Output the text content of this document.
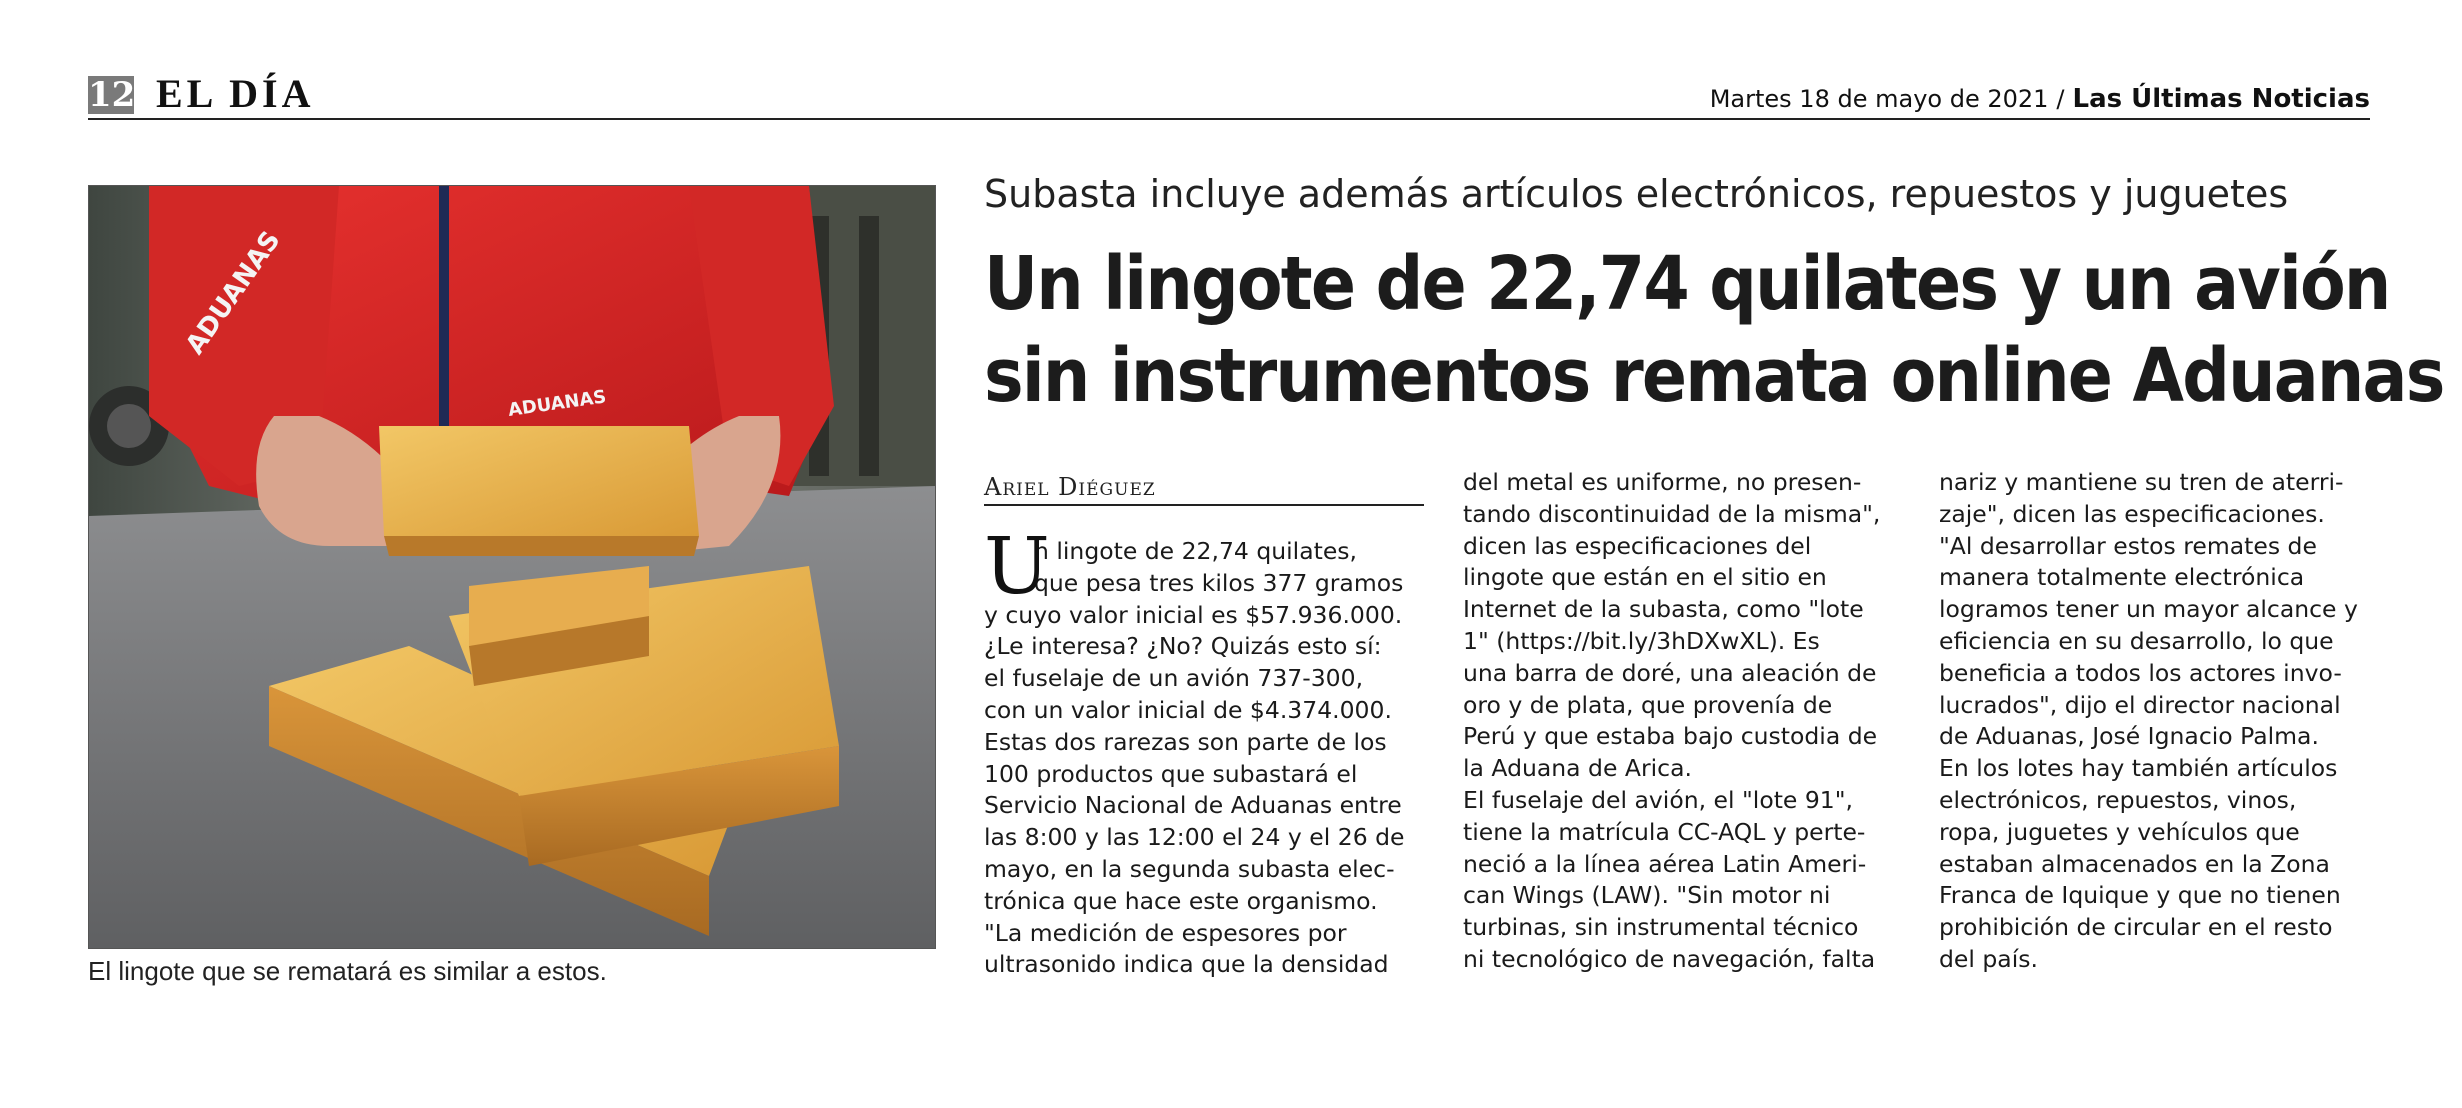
12 EL DÍA	Martes 18 de mayo de 2021 / Las Últimas Noticias
ADUANAS
ADUANAS
El lingote que se rematará es similar a estos.
Subasta incluye además artículos electrónicos, repuestos y juguetes
Un lingote de 22,74 quilates y un avión
sin instrumentos remata online Aduanas
Ariel Diéguez
U
n lingote de 22,74 quilates,
que pesa tres kilos 377 gramos
y cuyo valor inicial es $57.936.000.
¿Le interesa? ¿No? Quizás esto sí:
el fuselaje de un avión 737-300,
con un valor inicial de $4.374.000.
Estas dos rarezas son parte de los
100 productos que subastará el
Servicio Nacional de Aduanas entre
las 8:00 y las 12:00 el 24 y el 26 de
mayo, en la segunda subasta elec-
trónica que hace este organismo.
"La medición de espesores por
ultrasonido indica que la densidad
del metal es uniforme, no presen-
tando discontinuidad de la misma",
dicen las especificaciones del
lingote que están en el sitio en
Internet de la subasta, como "lote
1" (https://bit.ly/3hDXwXL). Es
una barra de doré, una aleación de
oro y de plata, que provenía de
Perú y que estaba bajo custodia de
la Aduana de Arica.
El fuselaje del avión, el "lote 91",
tiene la matrícula CC-AQL y perte-
neció a la línea aérea Latin Ameri-
can Wings (LAW). "Sin motor ni
turbinas, sin instrumental técnico
ni tecnológico de navegación, falta
nariz y mantiene su tren de aterri-
zaje", dicen las especificaciones.
"Al desarrollar estos remates de
manera totalmente electrónica
logramos tener un mayor alcance y
eficiencia en su desarrollo, lo que
beneficia a todos los actores invo-
lucrados", dijo el director nacional
de Aduanas, José Ignacio Palma.
En los lotes hay también artículos
electrónicos, repuestos, vinos,
ropa, juguetes y vehículos que
estaban almacenados en la Zona
Franca de Iquique y que no tienen
prohibición de circular en el resto
del país.
